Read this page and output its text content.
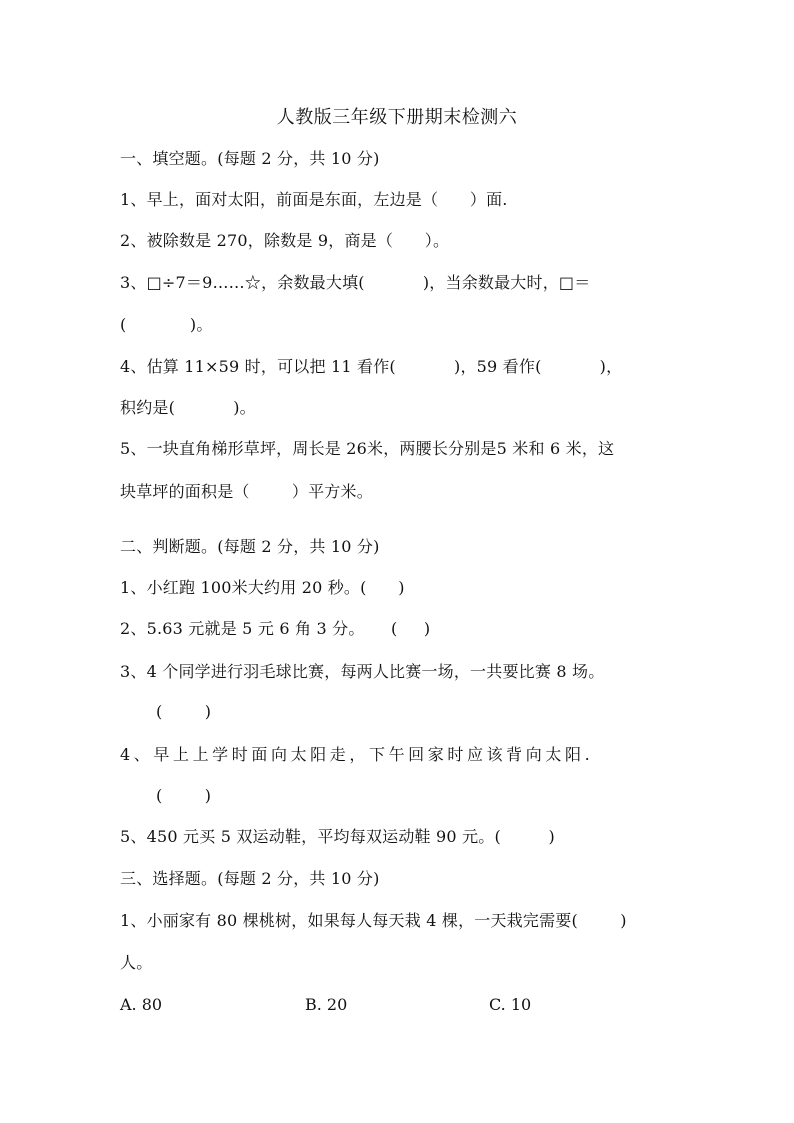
人教版三年级下册期末检测六
一、填空题。(每题 2 分，共 10 分)
1、早上，面对太阳，前面是东面，左边是（      ）面.
2、被除数是 270，除数是 9，商是（      ）。
3、□÷7＝9……☆，余数最大填(           )，当余数最大时，□＝
(            )。
4、估算 11×59 时，可以把 11 看作(           )，59 看作(           )，
积约是(           )。
5、一块直角梯形草坪，周长是 26米，两腰长分别是5 米和 6 米，这
块草坪的面积是（        ）平方米。
二、判断题。(每题 2 分，共 10 分)
1、小红跑 100米大约用 20 秒。(      )
2、5.63 元就是 5 元 6 角 3 分。     (     )
3、4 个同学进行羽毛球比赛，每两人比赛一场，一共要比赛 8 场。
(        )
4、早上上学时面向太阳走，下午回家时应该背向太阳.
(        )
5、450 元买 5 双运动鞋，平均每双运动鞋 90 元。(         )
三、选择题。(每题 2 分，共 10 分)
1、小丽家有 80 棵桃树，如果每人每天栽 4 棵，一天栽完需要(        )
人。
A. 80	B. 20	C. 10
